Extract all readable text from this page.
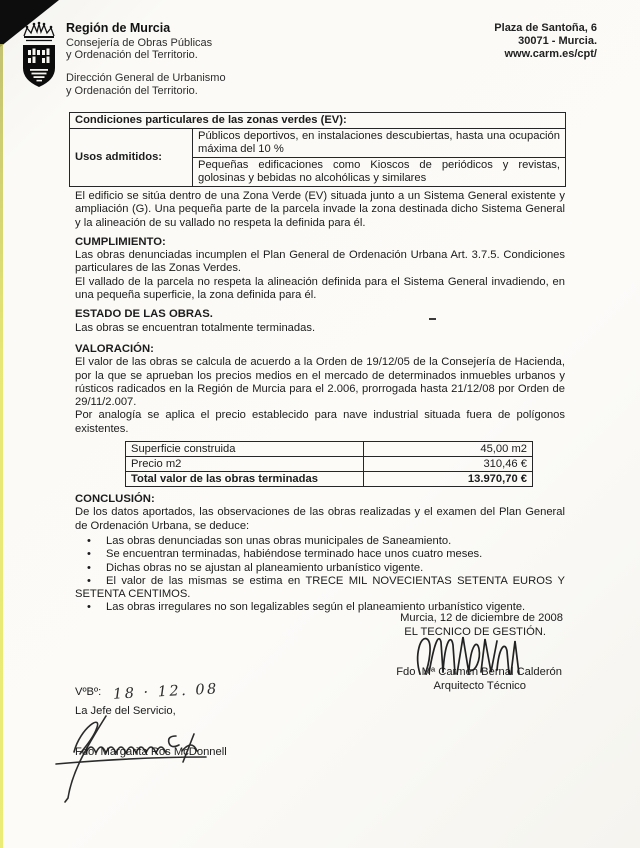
Región de Murcia
Consejería de Obras Públicas
y Ordenación del Territorio.
Dirección General de Urbanismo
y Ordenación del Territorio.
Plaza de Santoña, 6
30071 - Murcia.
www.carm.es/cpt/
Condiciones particulares de las zonas verdes (EV):
Usos admitidos:	Públicos deportivos, en instalaciones descubiertas, hasta una ocupación máxima del 10 %
Pequeñas edificaciones como Kioscos de periódicos y revistas, golosinas y bebidas no alcohólicas y similares

El edificio se sitúa dentro de una Zona Verde (EV) situada junto a un Sistema General existente y ampliación (G). Una pequeña parte de la parcela invade la zona destinada dicho Sistema General y la alineación de su vallado no respeta la definida para él.

CUMPLIMIENTO:

Las obras denunciadas incumplen el Plan General de Ordenación Urbana Art. 3.7.5. Condiciones particulares de las Zonas Verdes.

El vallado de la parcela no respeta la alineación definida para el Sistema General invadiendo, en una pequeña superficie, la zona definida para él.

ESTADO DE LAS OBRAS.

Las obras se encuentran totalmente terminadas.

VALORACIÓN:

El valor de las obras se calcula de acuerdo a la Orden de 19/12/05 de la Consejería de Hacienda, por la que se aprueban los precios medios en el mercado de determinados inmuebles urbanos y rústicos radicados en la Región de Murcia para el 2.006, prorrogada hasta 21/12/08 por Orden de 29/11/2.007.

Por analogía se aplica el precio establecido para nave industrial situada fuera de polígonos existentes.

Superficie construida	45,00 m2
Precio m2	310,46 €
Total valor de las obras terminadas	13.970,70 €
CONCLUSIÓN:

De los datos aportados, las observaciones de las obras realizadas y el examen del Plan General de Ordenación Urbana, se deduce:

• Las obras denunciadas son unas obras municipales de Saneamiento.
• Se encuentran terminadas, habiéndose terminado hace unos cuatro meses.
• Dichas obras no se ajustan al planeamiento urbanístico vigente.
• El valor de las mismas se estima en TRECE MIL NOVECIENTAS SETENTA EUROS Y SETENTA CENTIMOS.
• Las obras irregulares no son legalizables según el planeamiento urbanístico vigente.
Murcia, 12 de diciembre de 2008
EL TECNICO DE GESTIÓN.
Fdo .Mª Carmen Bernal Calderón
Arquitecto Técnico
VºBº: 18 · 12. 08
La Jefe del Servicio,
Fdo. Margarita Ros McDonnell
